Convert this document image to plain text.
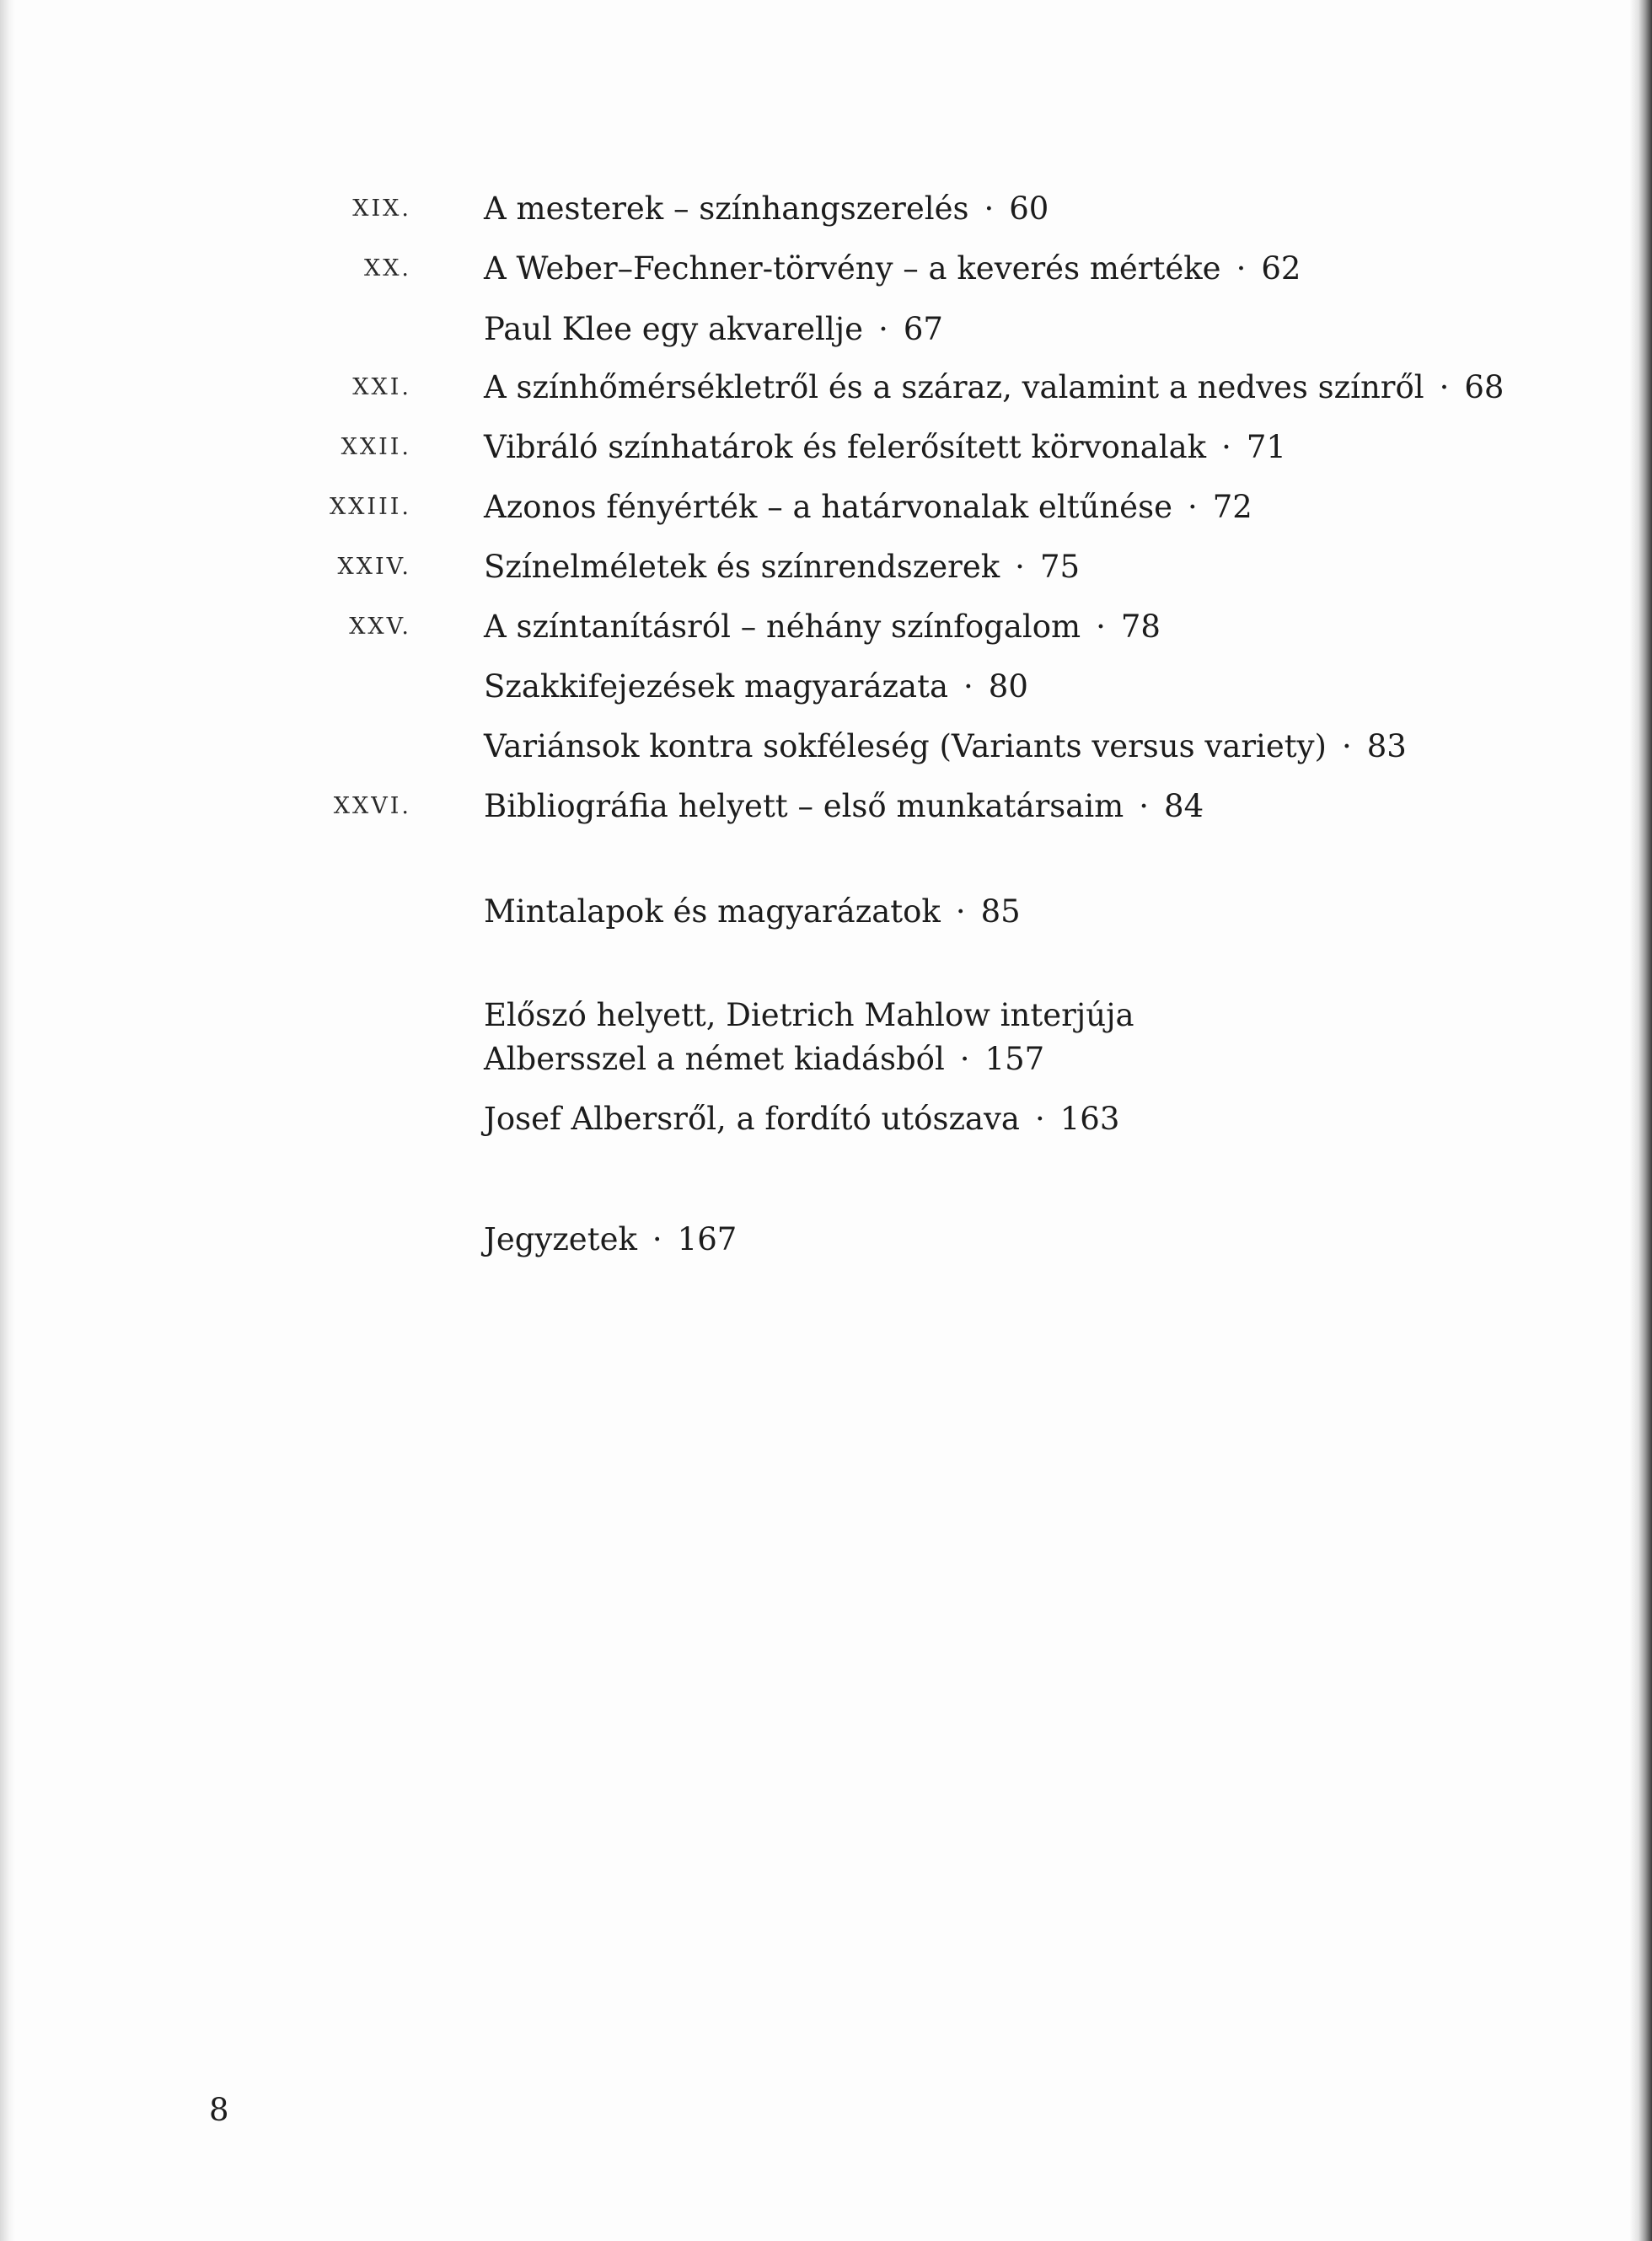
XIX. A mesterek – színhangszerelés · 60
XX. A Weber–Fechner-törvény – a keverés mértéke · 62
Paul Klee egy akvarellje · 67
XXI. A színhőmérsékletről és a száraz, valamint a nedves színről · 68
XXII. Vibráló színhatárok és felerősített körvonalak · 71
XXIII. Azonos fényérték – a határvonalak eltűnése · 72
XXIV. Színelméletek és színrendszerek · 75
XXV. A színtanításról – néhány színfogalom · 78
Szakkifejezések magyarázata · 80
Variánsok kontra sokféleség (Variants versus variety) · 83
XXVI. Bibliográfia helyett – első munkatársaim · 84
Mintalapok és magyarázatok · 85
Előszó helyett, Dietrich Mahlow interjúja
Albersszel a német kiadásból · 157
Josef Albersről, a fordító utószava · 163
Jegyzetek · 167
8
